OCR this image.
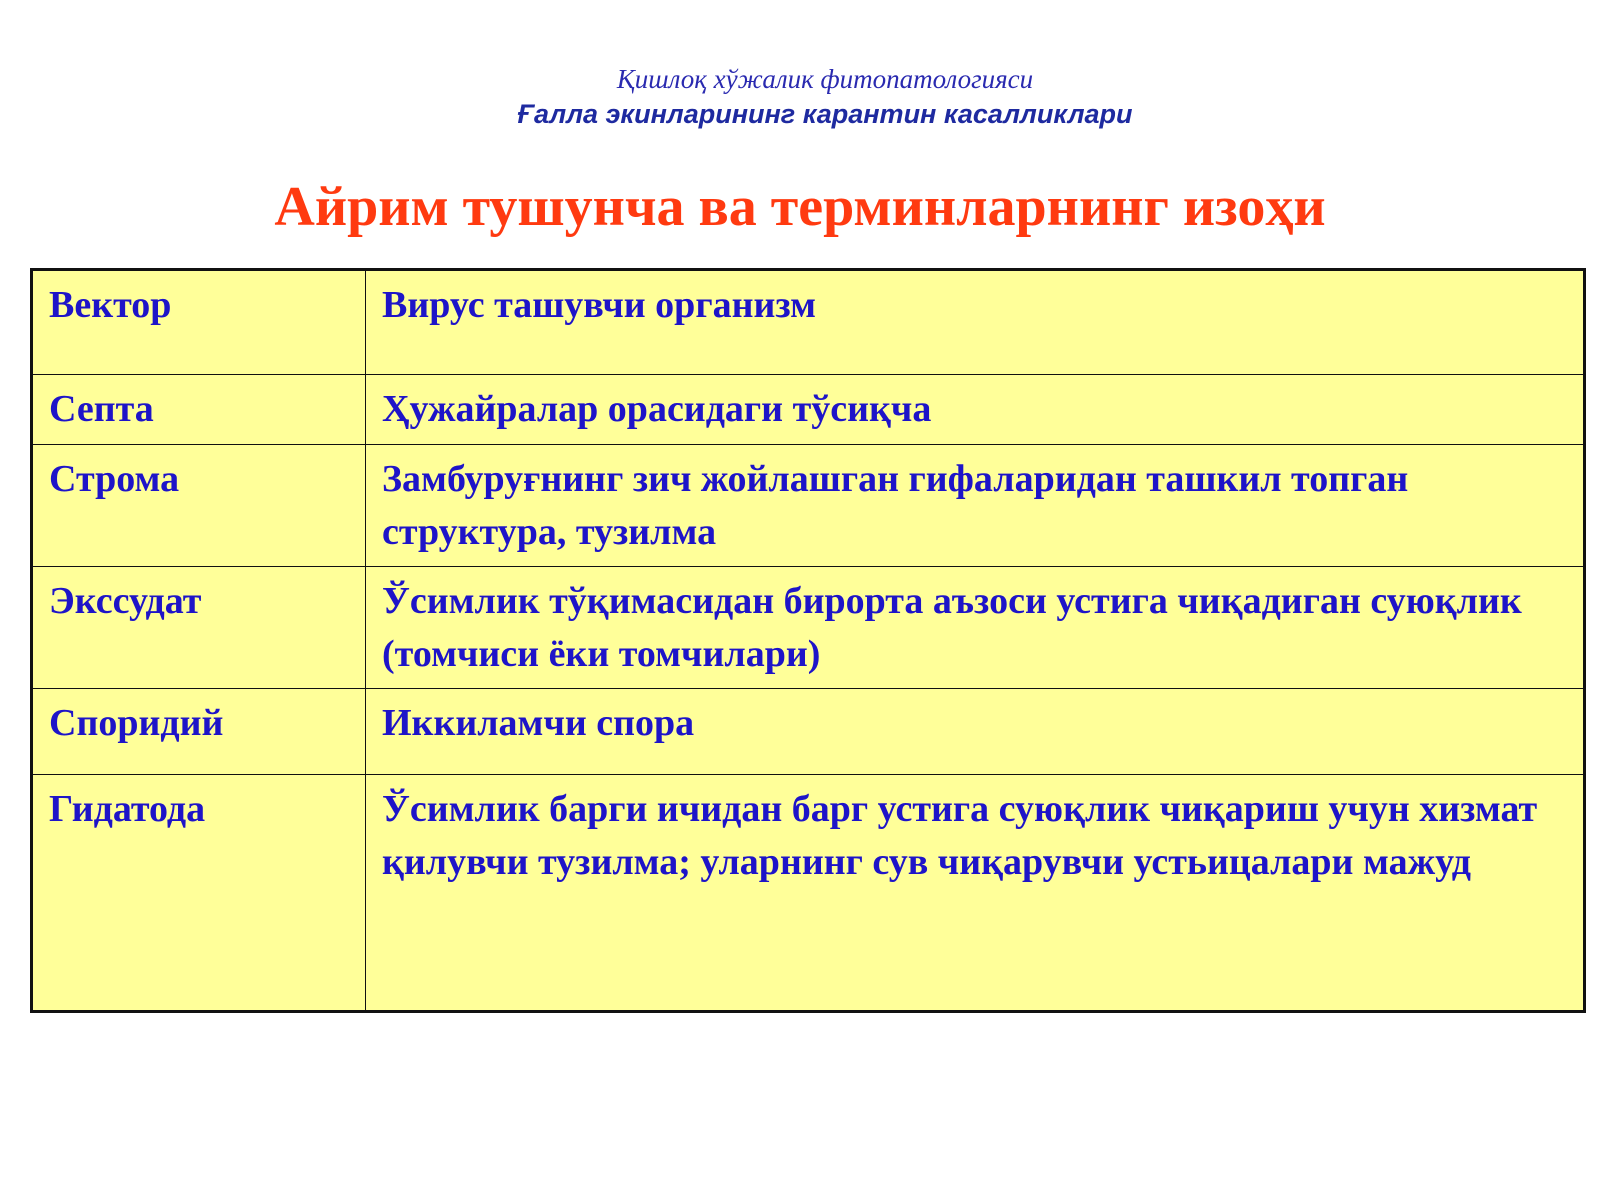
Қишлоқ хўжалик фитопатологияси
Ғалла экинларининг карантин касалликлари
Айрим тушунча ва терминларнинг изоҳи
Вектор	Вирус ташувчи организм
Септа	Ҳужайралар орасидаги тўсиқча
Строма	Замбуруғнинг зич жойлашган гифаларидан ташкил топган структура, тузилма
Экссудат	Ўсимлик тўқимасидан бирорта аъзоси устига чиқадиган суюқлик (томчиси ёки томчилари)
Споридий	Иккиламчи спора
Гидатода	Ўсимлик барги ичидан барг устига суюқлик чиқариш учун хизмат қилувчи тузилма; уларнинг сув чиқарувчи устьицалари мажуд
